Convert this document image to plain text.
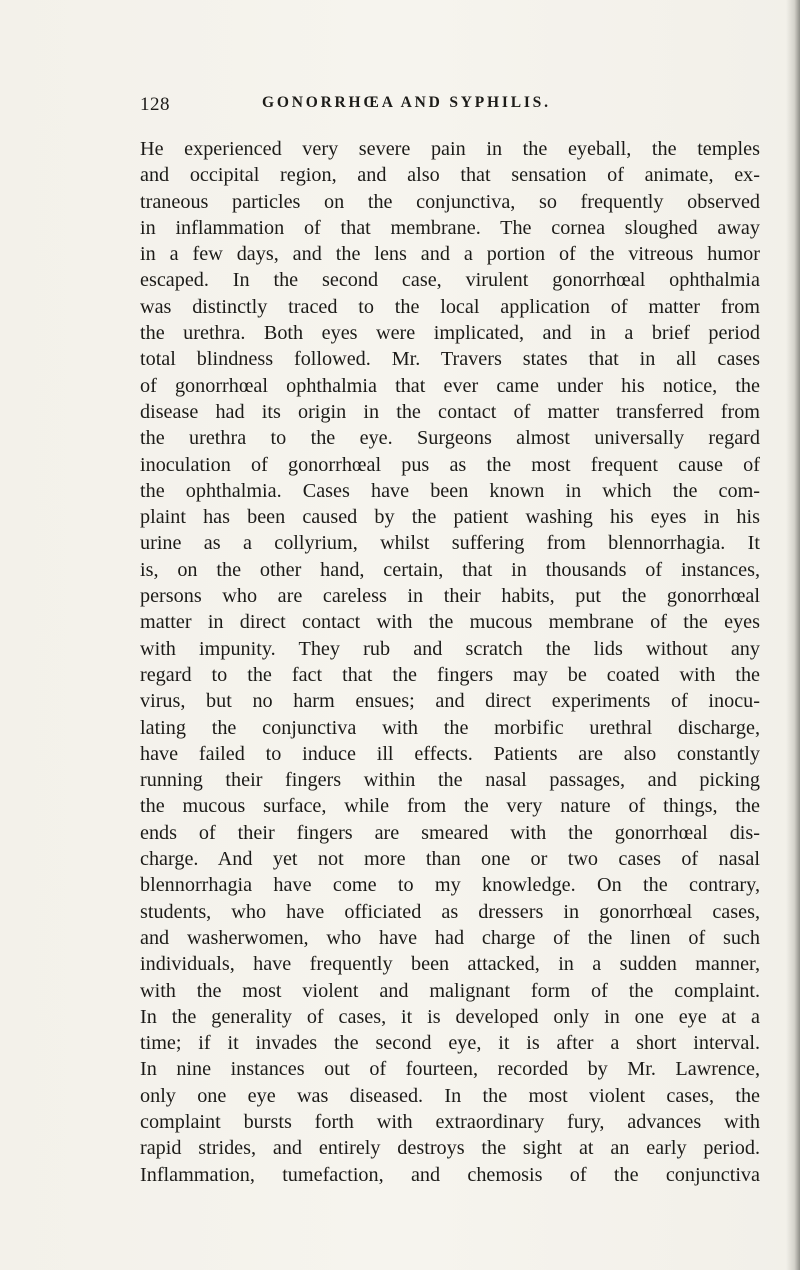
128	GONORRHŒA AND SYPHILIS.
He experienced very severe pain in the eyeball, the temples
and occipital region, and also that sensation of animate, ex-
traneous particles on the conjunctiva, so frequently observed
in inflammation of that membrane. The cornea sloughed away
in a few days, and the lens and a portion of the vitreous humor
escaped. In the second case, virulent gonorrhœal ophthalmia
was distinctly traced to the local application of matter from
the urethra. Both eyes were implicated, and in a brief period
total blindness followed. Mr. Travers states that in all cases
of gonorrhœal ophthalmia that ever came under his notice, the
disease had its origin in the contact of matter transferred from
the urethra to the eye. Surgeons almost universally regard
inoculation of gonorrhœal pus as the most frequent cause of
the ophthalmia. Cases have been known in which the com-
plaint has been caused by the patient washing his eyes in his
urine as a collyrium, whilst suffering from blennorrhagia. It
is, on the other hand, certain, that in thousands of instances,
persons who are careless in their habits, put the gonorrhœal
matter in direct contact with the mucous membrane of the eyes
with impunity. They rub and scratch the lids without any
regard to the fact that the fingers may be coated with the
virus, but no harm ensues; and direct experiments of inocu-
lating the conjunctiva with the morbific urethral discharge,
have failed to induce ill effects. Patients are also constantly
running their fingers within the nasal passages, and picking
the mucous surface, while from the very nature of things, the
ends of their fingers are smeared with the gonorrhœal dis-
charge. And yet not more than one or two cases of nasal
blennorrhagia have come to my knowledge. On the contrary,
students, who have officiated as dressers in gonorrhœal cases,
and washerwomen, who have had charge of the linen of such
individuals, have frequently been attacked, in a sudden manner,
with the most violent and malignant form of the complaint.
In the generality of cases, it is developed only in one eye at a
time; if it invades the second eye, it is after a short interval.
In nine instances out of fourteen, recorded by Mr. Lawrence,
only one eye was diseased. In the most violent cases, the
complaint bursts forth with extraordinary fury, advances with
rapid strides, and entirely destroys the sight at an early period.
Inflammation, tumefaction, and chemosis of the conjunctiva
